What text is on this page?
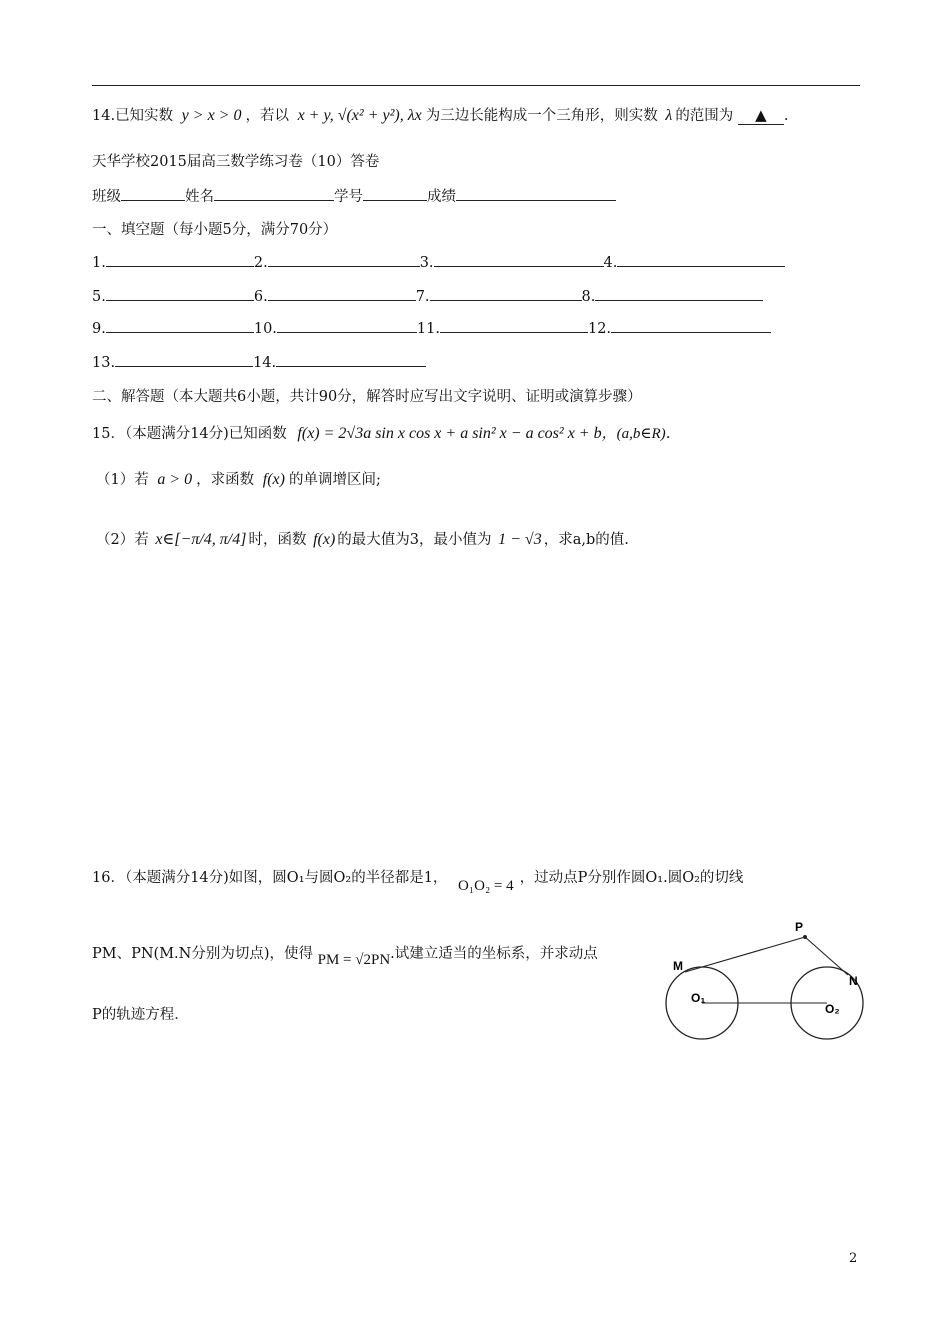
14.已知实数 y > x > 0 ，若以 x + y, √(x² + y²), λx 为三边长能构成一个三角形，则实数 λ 的范围为 ▲ .
天华学校2015届高三数学练习卷（10）答卷
班级	姓名	学号	成绩
一、填空题（每小题5分，满分70分）
1.	2.	3.	4.
5.	6.	7.	8.
9.	10.	11.	12.
13.	14.
二、解答题（本大题共6小题，共计90分，解答时应写出文字说明、证明或演算步骤）
15．（本题满分14分)已知函数 f(x) = 2√3a sin x cos x + a sin² x − a cos² x + b，(a,b∈R)．
（1）若 a > 0 ，求函数 f(x) 的单调增区间;
（2）若 x∈[−π/4, π/4] 时，函数 f(x) 的最大值为3，最小值为 1 − √3 ，求a,b的值.
16．（本题满分14分)如图，圆O₁与圆O₂的半径都是1， O₁O₂ = 4 ，过动点P分别作圆O₁.圆O₂的切线
PM、PN(M.N分别为切点)，使得 PM = √2PN.试建立适当的坐标系，并求动点
P的轨迹方程．
P
M
N
O₁
O₂
2
